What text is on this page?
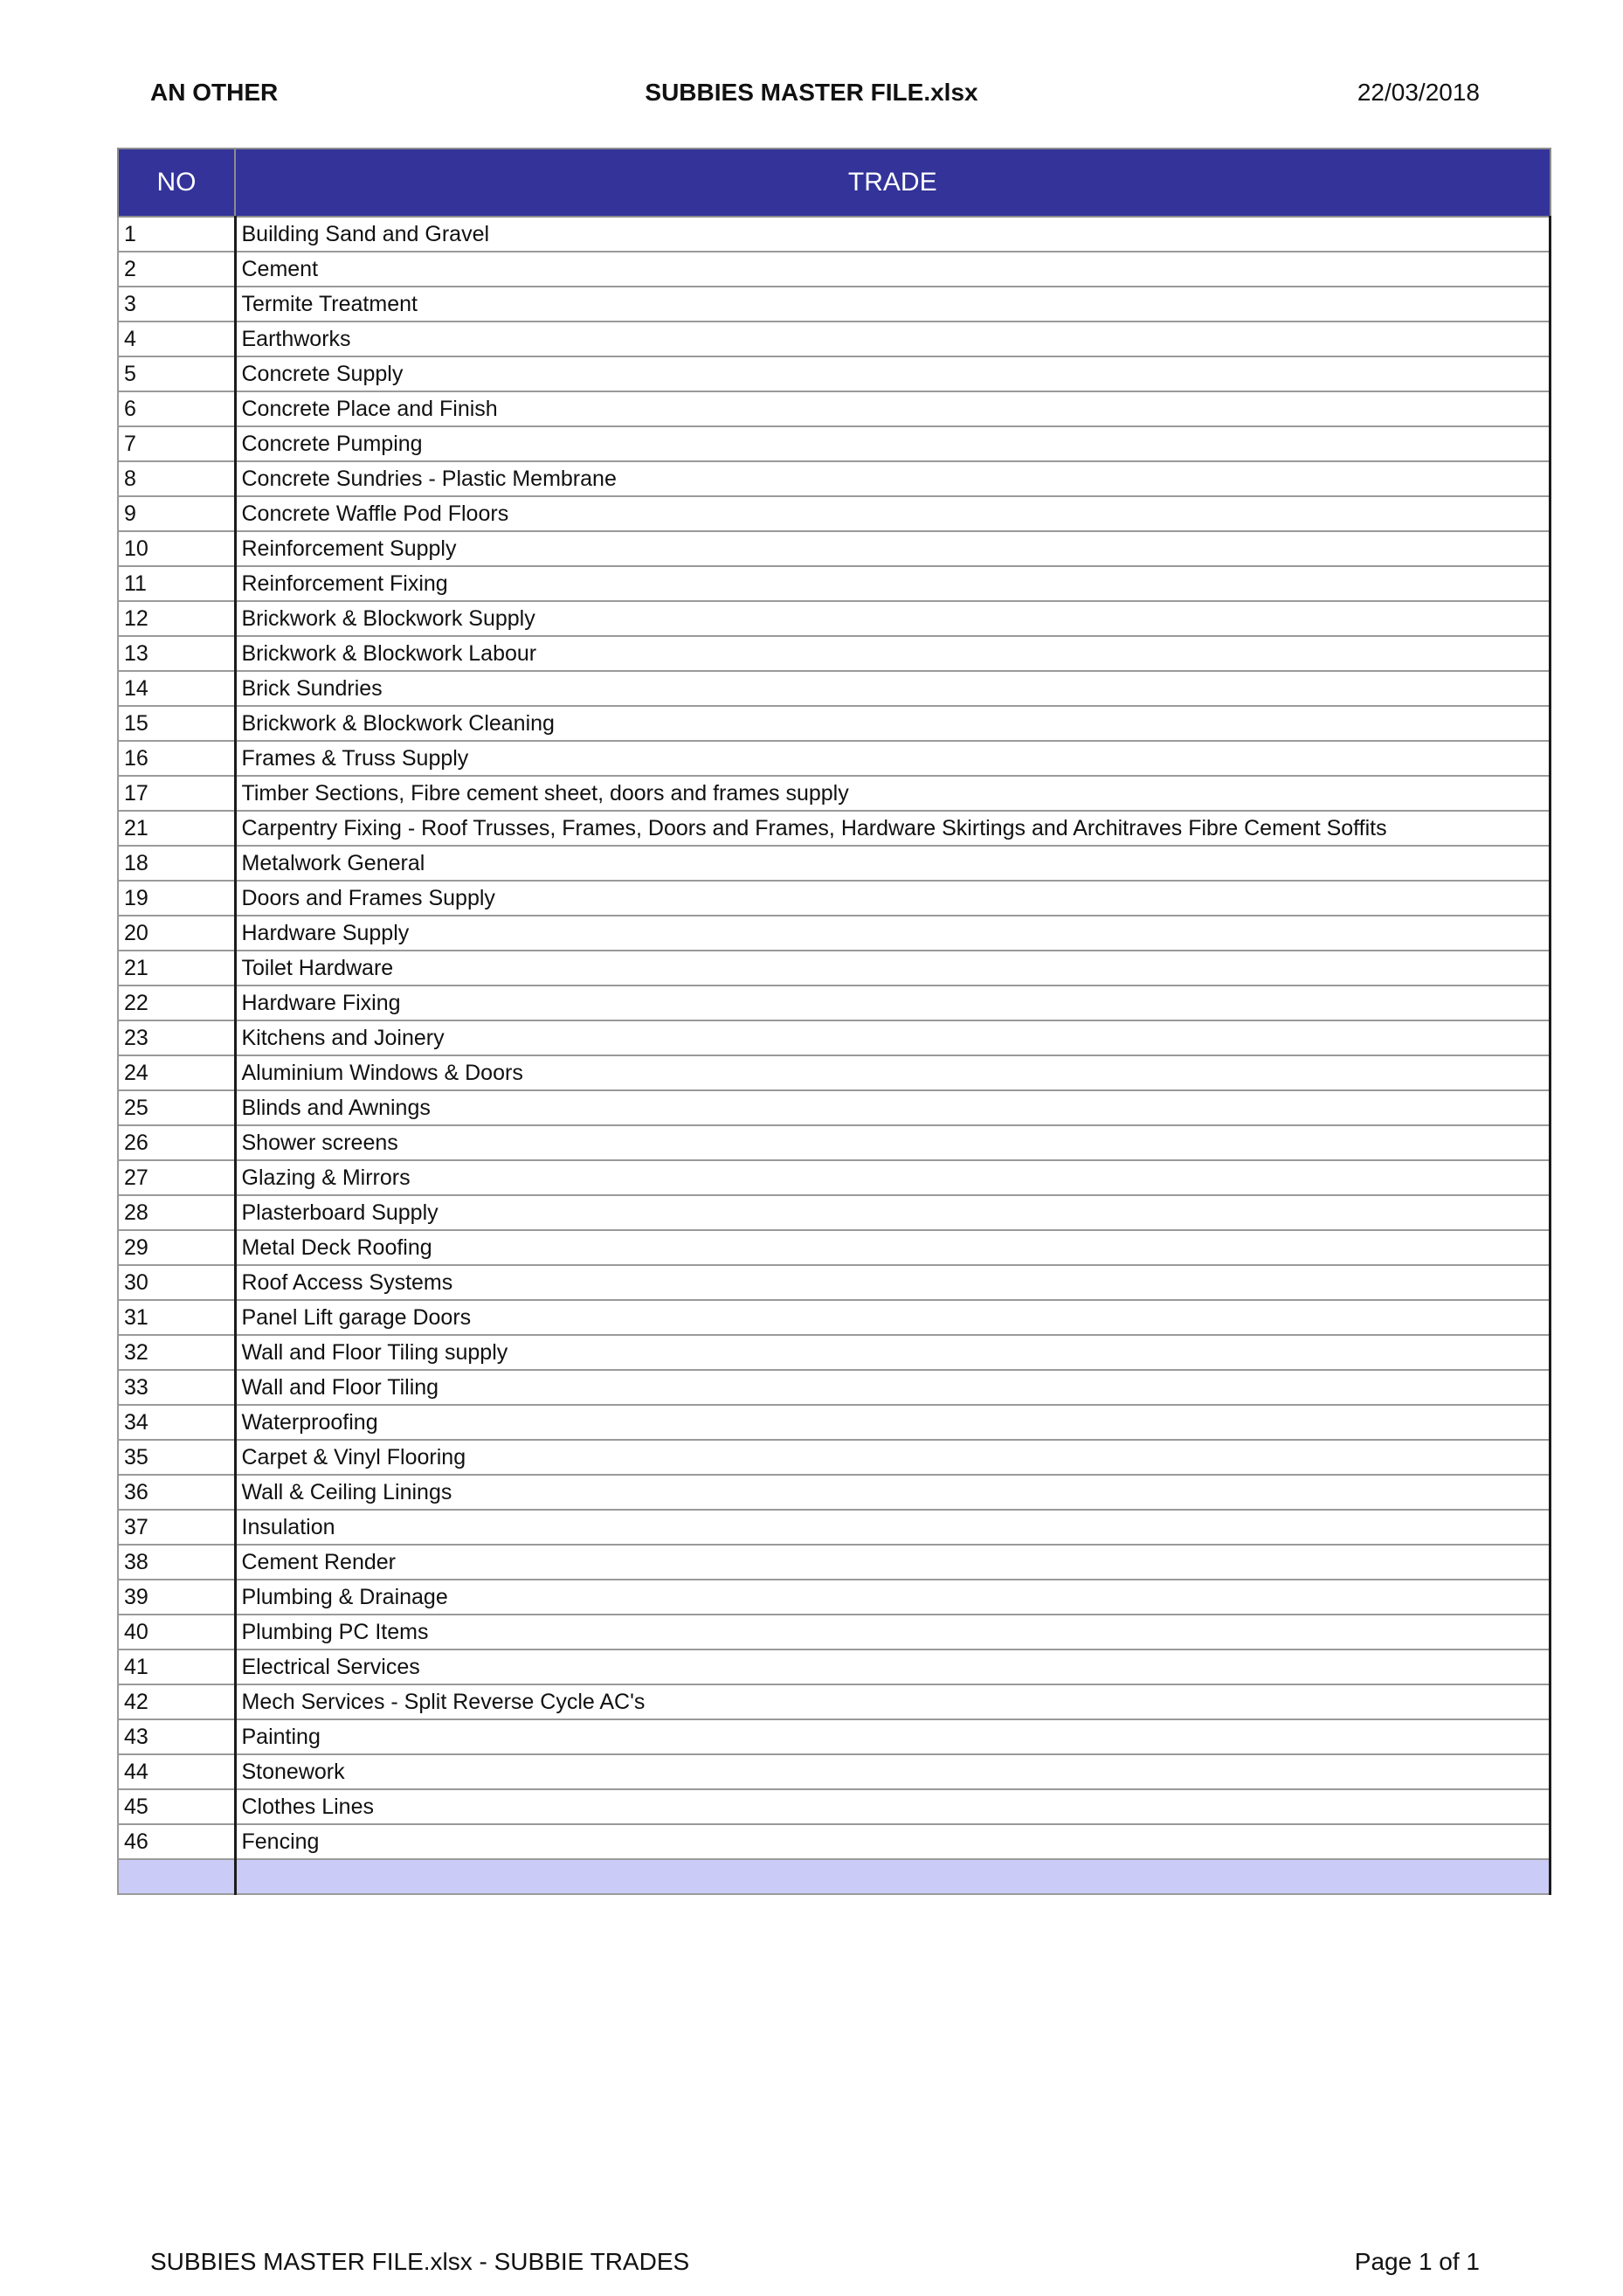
AN OTHER	SUBBIES MASTER FILE.xlsx	22/03/2018
NO	TRADE
1	Building Sand and Gravel
2	Cement
3	Termite Treatment
4	Earthworks
5	Concrete Supply
6	Concrete Place and Finish
7	Concrete Pumping
8	Concrete Sundries - Plastic Membrane
9	Concrete Waffle Pod Floors
10	Reinforcement Supply
11	Reinforcement Fixing
12	Brickwork & Blockwork Supply
13	Brickwork & Blockwork Labour
14	Brick Sundries
15	Brickwork & Blockwork Cleaning
16	Frames & Truss Supply
17	Timber Sections, Fibre cement sheet, doors and frames supply
21	Carpentry Fixing - Roof Trusses, Frames, Doors and Frames, Hardware Skirtings and Architraves Fibre Cement Soffits
18	Metalwork General
19	Doors and Frames Supply
20	Hardware Supply
21	Toilet Hardware
22	Hardware Fixing
23	Kitchens and Joinery
24	Aluminium Windows & Doors
25	Blinds and Awnings
26	Shower screens
27	Glazing & Mirrors
28	Plasterboard Supply
29	Metal Deck Roofing
30	Roof Access Systems
31	Panel Lift garage Doors
32	Wall and Floor Tiling supply
33	Wall and Floor Tiling
34	Waterproofing
35	Carpet & Vinyl Flooring
36	Wall & Ceiling Linings
37	Insulation
38	Cement Render
39	Plumbing & Drainage
40	Plumbing PC Items
41	Electrical Services
42	Mech Services - Split Reverse Cycle AC's
43	Painting
44	Stonework
45	Clothes Lines
46	Fencing

SUBBIES MASTER FILE.xlsx - SUBBIE TRADES	Page 1 of 1
